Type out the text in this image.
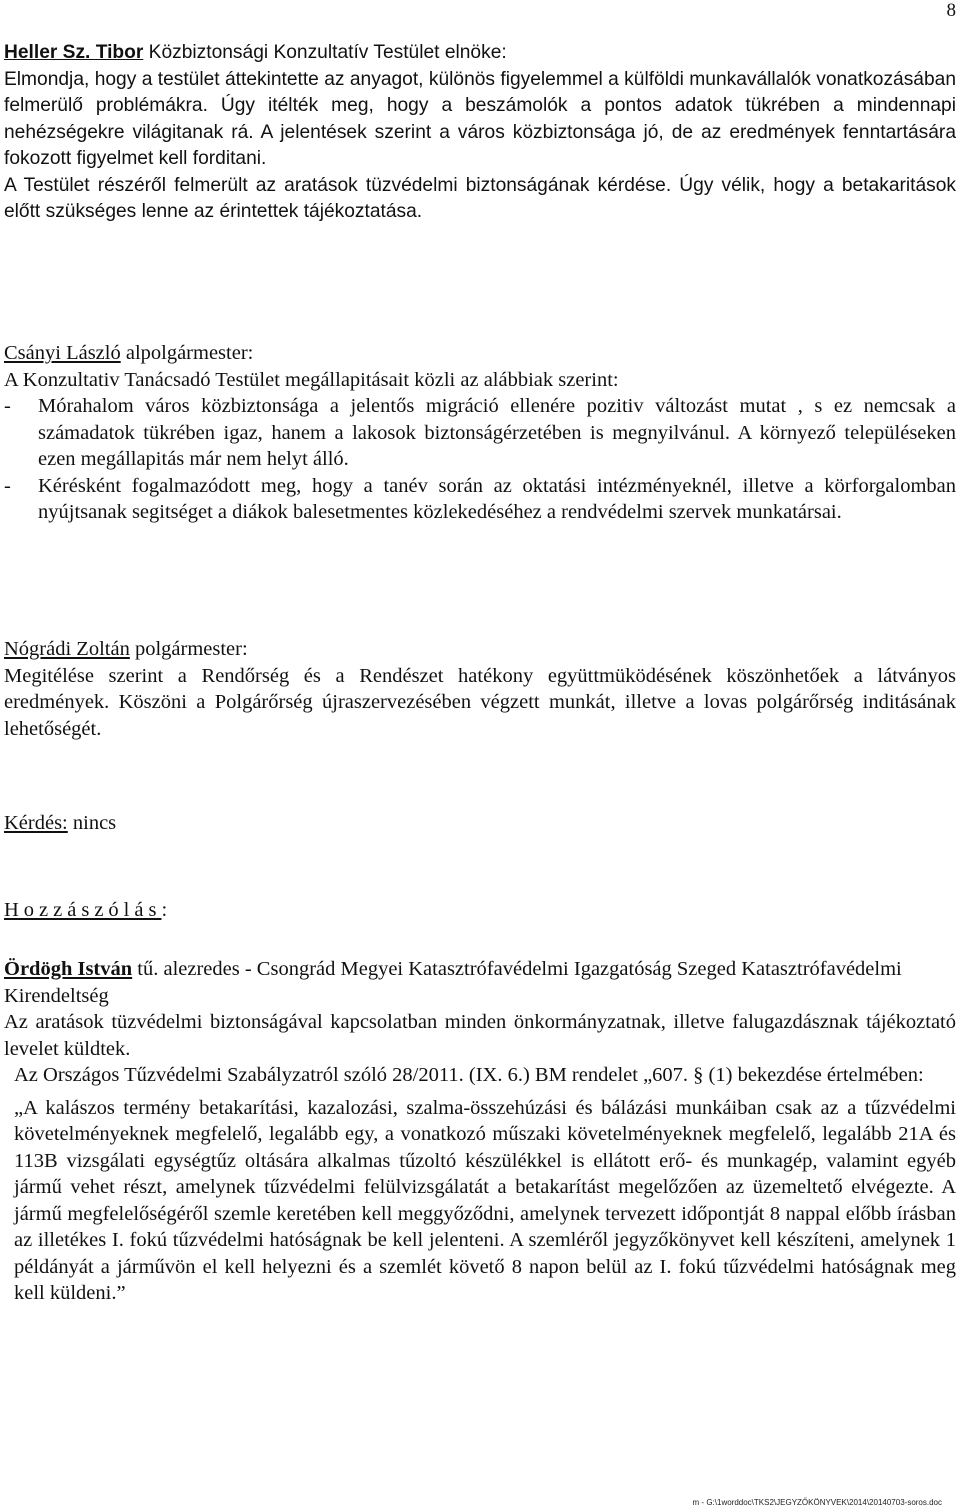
8

Heller Sz. Tibor Közbiztonsági Konzultatív Testület elnöke:

Elmondja, hogy a testület áttekintette az anyagot, különös figyelemmel a külföldi munkavállalók vonatkozásában felmerülő problémákra. Úgy itélték meg, hogy a beszámolók a pontos adatok tükrében a mindennapi nehézségekre világitanak rá. A jelentések szerint a város közbiztonsága jó, de az eredmények fenntartására fokozott figyelmet kell forditani.

A Testület részéről felmerült az aratások tüzvédelmi biztonságának kérdése. Úgy vélik, hogy a betakaritások előtt szükséges lenne az érintettek tájékoztatása.

Csányi László alpolgármester:

A Konzultativ Tanácsadó Testület megállapitásait közli az alábbiak szerint:

- Mórahalom város közbiztonsága a jelentős migráció ellenére pozitiv változást mutat , s ez nemcsak a számadatok tükrében igaz, hanem a lakosok biztonságérzetében is megnyilvánul. A környező településeken ezen megállapitás már nem helyt álló.
- Kérésként fogalmazódott meg, hogy a tanév során az oktatási intézményeknél, illetve a körforgalomban nyújtsanak segitséget a diákok balesetmentes közlekedéséhez a rendvédelmi szervek munkatársai.

Nógrádi Zoltán polgármester:

Megitélése szerint a Rendőrség és a Rendészet hatékony együttmüködésének köszönhetőek a látványos eredmények. Köszöni a Polgárőrség újraszervezésében végzett munkát, illetve a lovas polgárőrség inditásának lehetőségét.

Kérdés: nincs

Hozzászólás:

Ördögh István tű. alezredes - Csongrád Megyei Katasztrófavédelmi Igazgatóság Szeged Katasztrófavédelmi Kirendeltség

Az aratások tüzvédelmi biztonságával kapcsolatban minden önkormányzatnak, illetve falugazdásznak tájékoztató levelet küldtek.

Az Országos Tűzvédelmi Szabályzatról szóló 28/2011. (IX. 6.) BM rendelet „607. § (1) bekezdése értelmében:

„A kalászos termény betakarítási, kazalozási, szalma-összehúzási és bálázási munkáiban csak az a tűzvédelmi követelményeknek megfelelő, legalább egy, a vonatkozó műszaki követelményeknek megfelelő, legalább 21A és 113B vizsgálati egységtűz oltására alkalmas tűzoltó készülékkel is ellátott erő- és munkagép, valamint egyéb jármű vehet részt, amelynek tűzvédelmi felülvizsgálatát a betakarítást megelőzően az üzemeltető elvégezte. A jármű megfelelőségéről szemle keretében kell meggyőződni, amelynek tervezett időpontját 8 nappal előbb írásban az illetékes I. fokú tűzvédelmi hatóságnak be kell jelenteni. A szemléről jegyzőkönyvet kell készíteni, amelynek 1 példányát a járművön el kell helyezni és a szemlét követő 8 napon belül az I. fokú tűzvédelmi hatóságnak meg kell küldeni.”

m - G:\1worddoc\TKS2\JEGYZŐKÖNYVEK\2014\20140703-soros.doc
